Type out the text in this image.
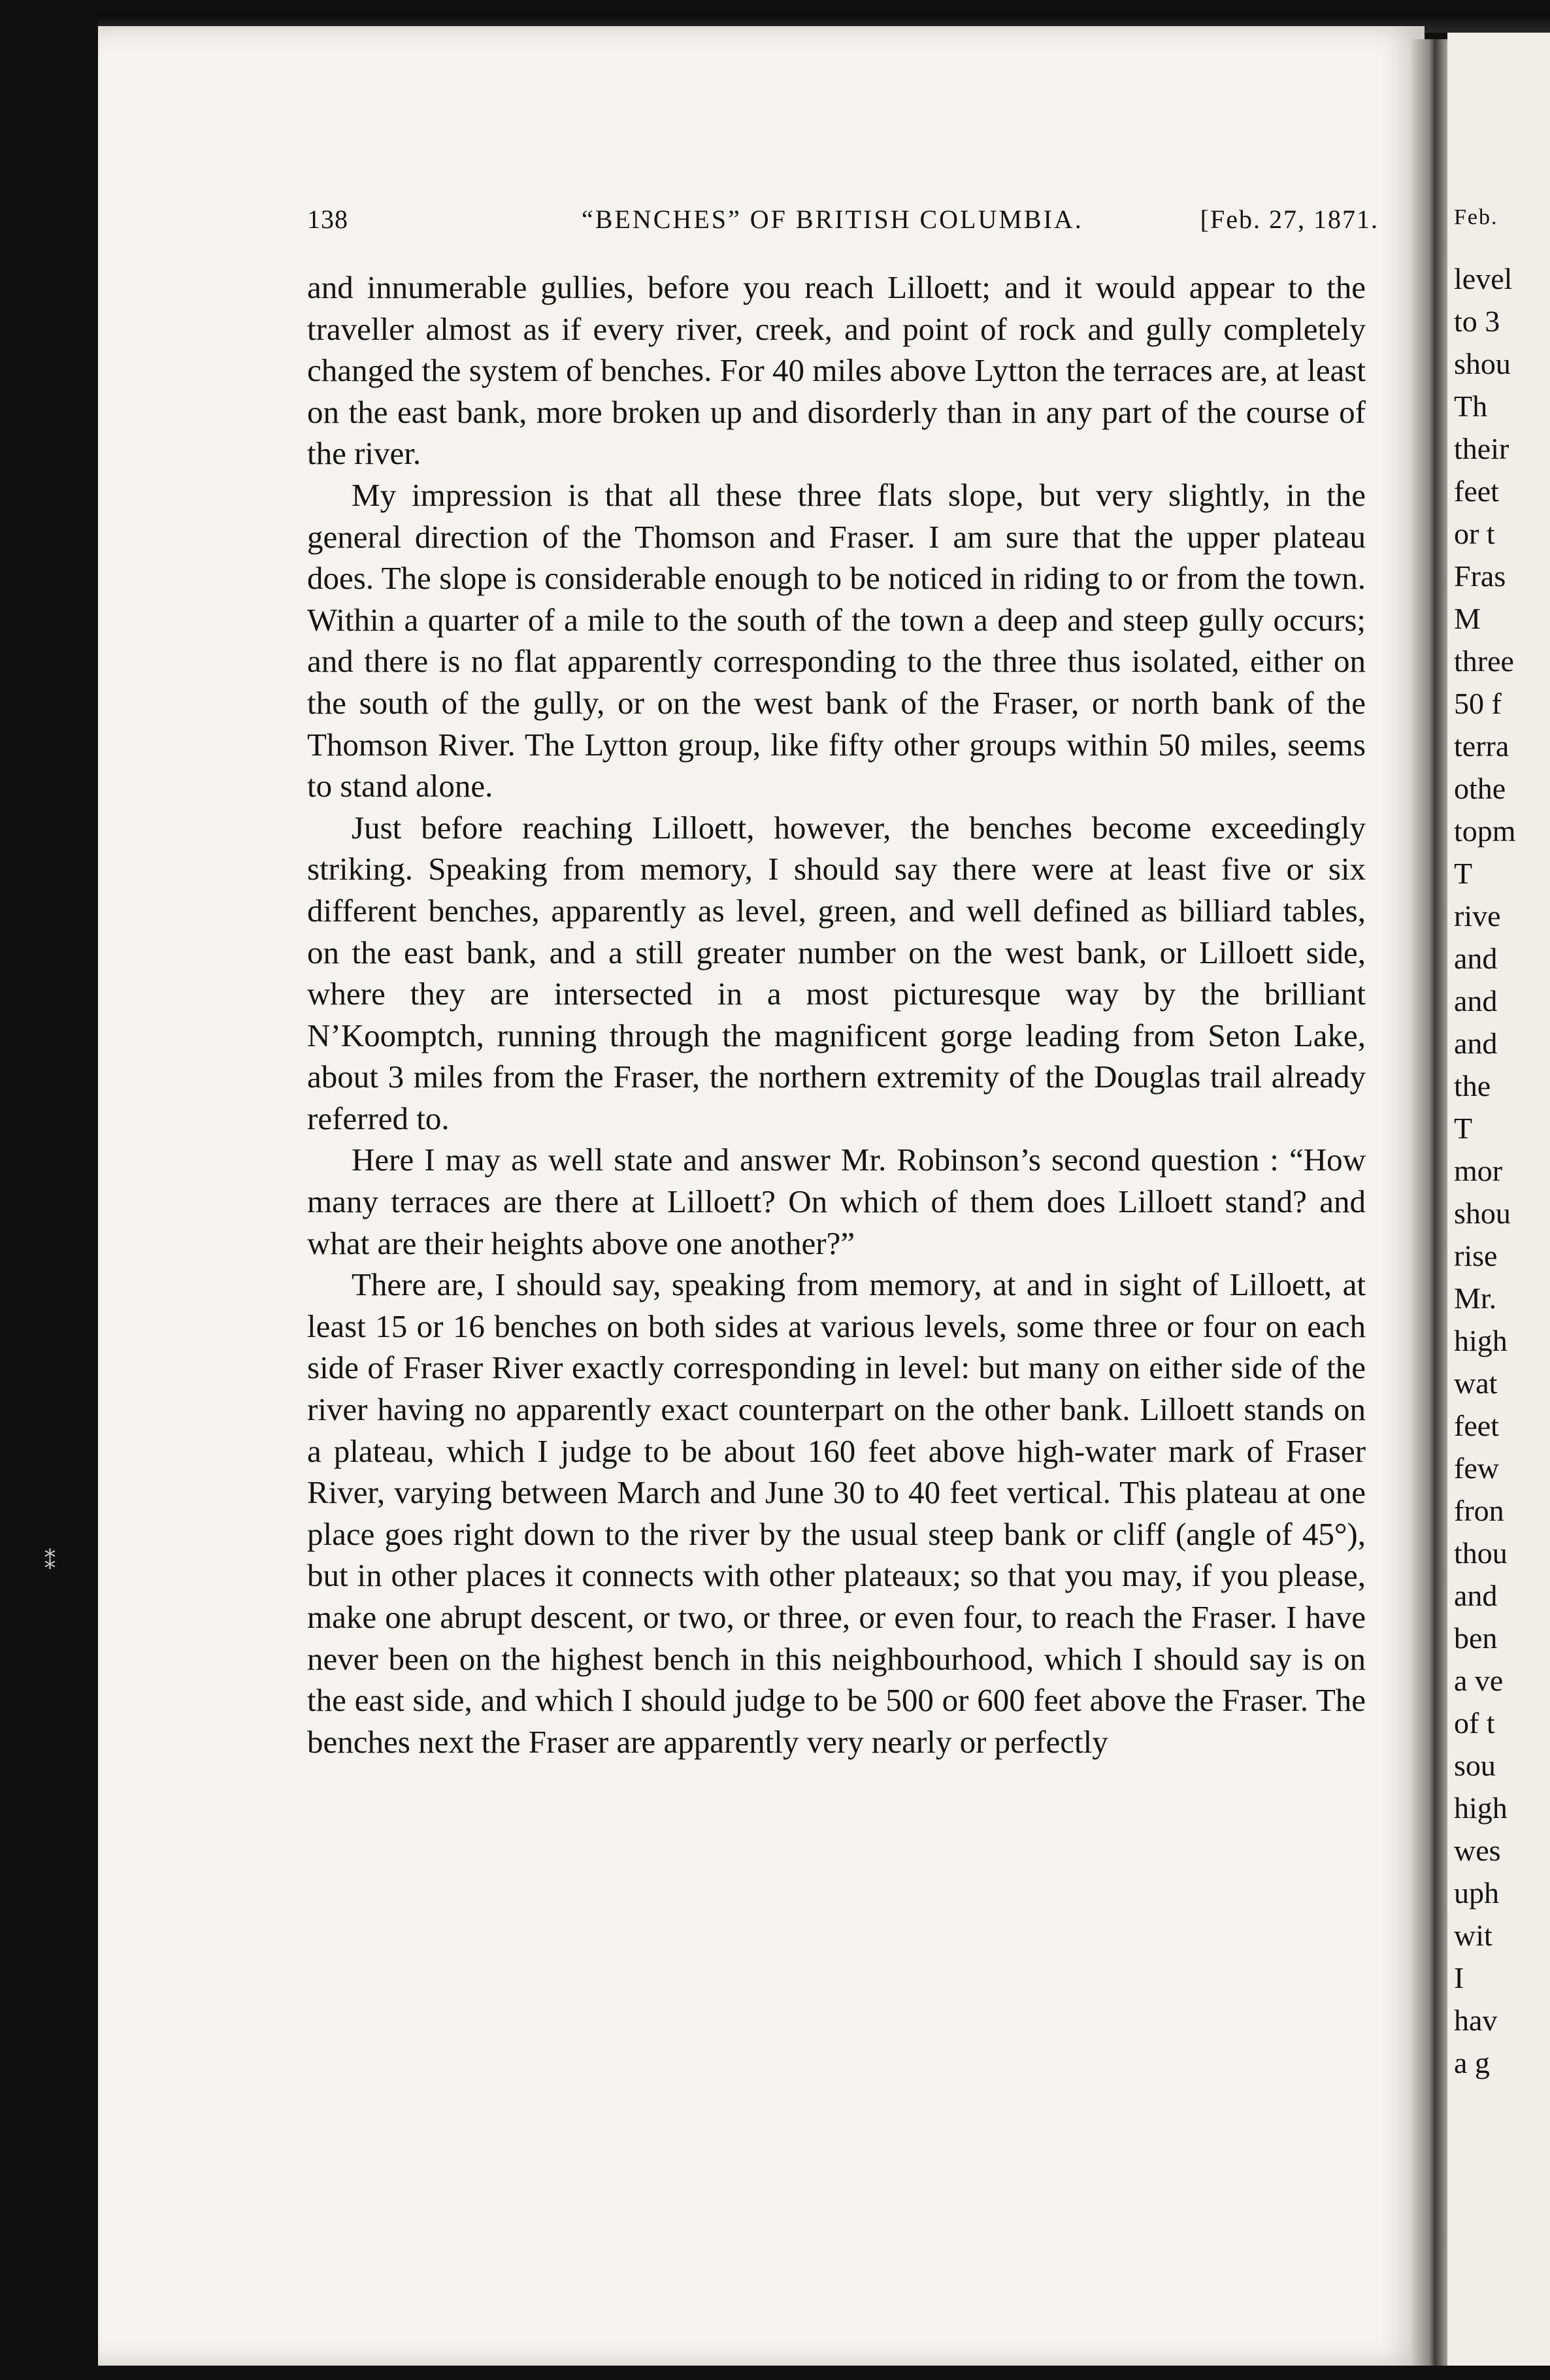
Feb.
level
to 3
shou
Th
their
feet
or t
Fras
M
three
50 f
terra
othe
topm
T
rive
and
and
and
the
T
mor
shou
rise
Mr.
high
wat
feet
few
fron
thou
and
ben
a ve
of t
sou
high
wes
uph
wit
I
hav
a g
⁑
138	“BENCHES” OF BRITISH COLUMBIA.	[Feb. 27, 1871.

and innumerable gullies, before you reach Lilloett; and it would appear to the traveller almost as if every river, creek, and point of rock and gully completely changed the system of benches. For 40 miles above Lytton the terraces are, at least on the east bank, more broken up and disorderly than in any part of the course of the river.

My impression is that all these three flats slope, but very slightly, in the general direction of the Thomson and Fraser. I am sure that the upper plateau does. The slope is considerable enough to be noticed in riding to or from the town. Within a quarter of a mile to the south of the town a deep and steep gully occurs; and there is no flat apparently corresponding to the three thus isolated, either on the south of the gully, or on the west bank of the Fraser, or north bank of the Thomson River. The Lytton group, like fifty other groups within 50 miles, seems to stand alone.

Just before reaching Lilloett, however, the benches become exceedingly striking. Speaking from memory, I should say there were at least five or six different benches, apparently as level, green, and well defined as billiard tables, on the east bank, and a still greater number on the west bank, or Lilloett side, where they are intersected in a most picturesque way by the brilliant N’Koomptch, running through the magnificent gorge leading from Seton Lake, about 3 miles from the Fraser, the northern extremity of the Douglas trail already referred to.

Here I may as well state and answer Mr. Robinson’s second question : “How many terraces are there at Lilloett? On which of them does Lilloett stand? and what are their heights above one another?”

There are, I should say, speaking from memory, at and in sight of Lilloett, at least 15 or 16 benches on both sides at various levels, some three or four on each side of Fraser River exactly corresponding in level: but many on either side of the river having no apparently exact counterpart on the other bank. Lilloett stands on a plateau, which I judge to be about 160 feet above high-water mark of Fraser River, varying between March and June 30 to 40 feet vertical. This plateau at one place goes right down to the river by the usual steep bank or cliff (angle of 45°), but in other places it connects with other plateaux; so that you may, if you please, make one abrupt descent, or two, or three, or even four, to reach the Fraser. I have never been on the highest bench in this neighbourhood, which I should say is on the east side, and which I should judge to be 500 or 600 feet above the Fraser. The benches next the Fraser are apparently very nearly or perfectly
